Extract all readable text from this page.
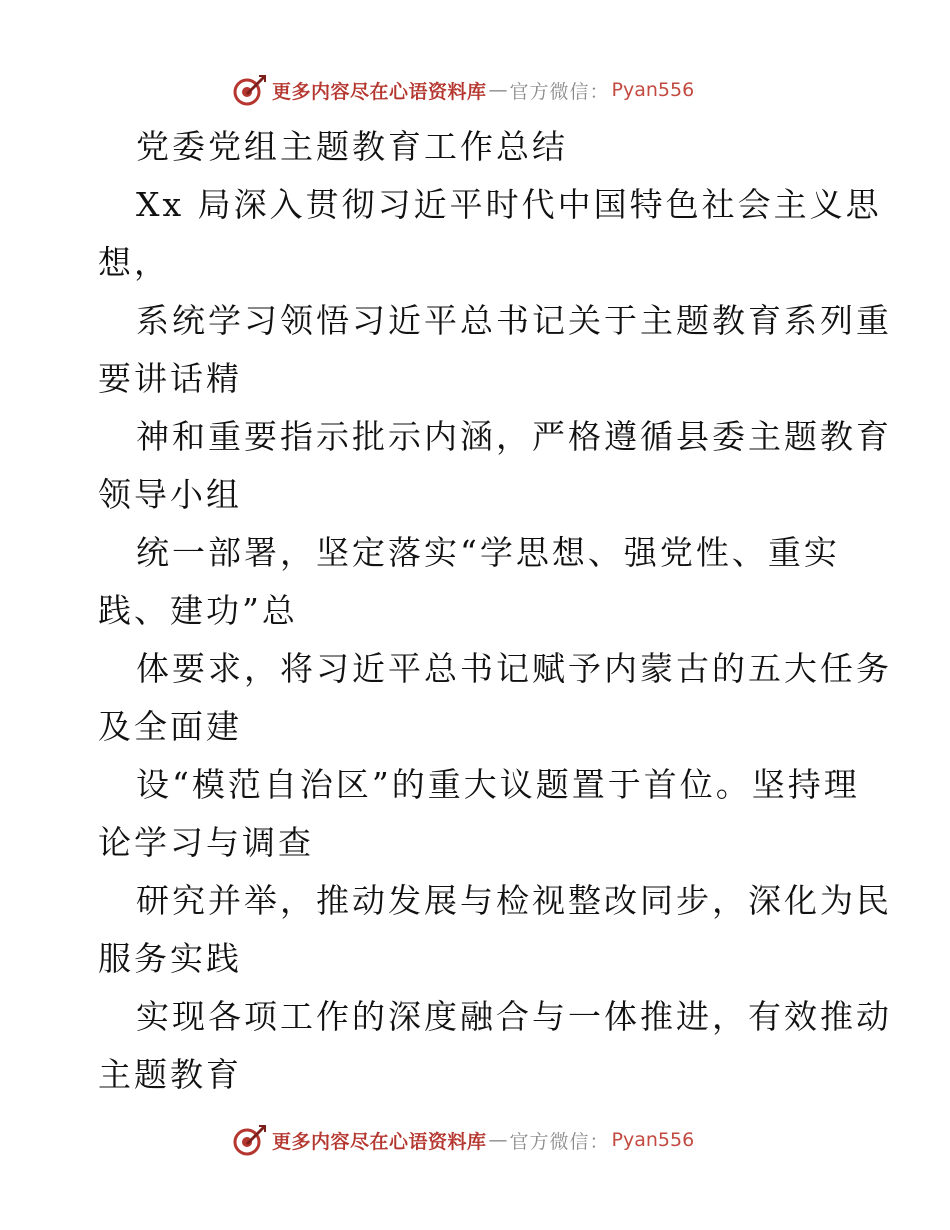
更多内容尽在心语资料库 — 官方微信： Pyan556
党委党组主题教育工作总结
Xx 局深入贯彻习近平时代中国特色社会主义思
想，
系统学习领悟习近平总书记关于主题教育系列重
要讲话精
神和重要指示批示内涵，严格遵循县委主题教育
领导小组
统一部署，坚定落实“学思想、强党性、重实
践、建功”总
体要求，将习近平总书记赋予内蒙古的五大任务
及全面建
设“模范自治区”的重大议题置于首位。坚持理
论学习与调查
研究并举，推动发展与检视整改同步，深化为民
服务实践
实现各项工作的深度融合与一体推进，有效推动
主题教育
更多内容尽在心语资料库 — 官方微信： Pyan556
